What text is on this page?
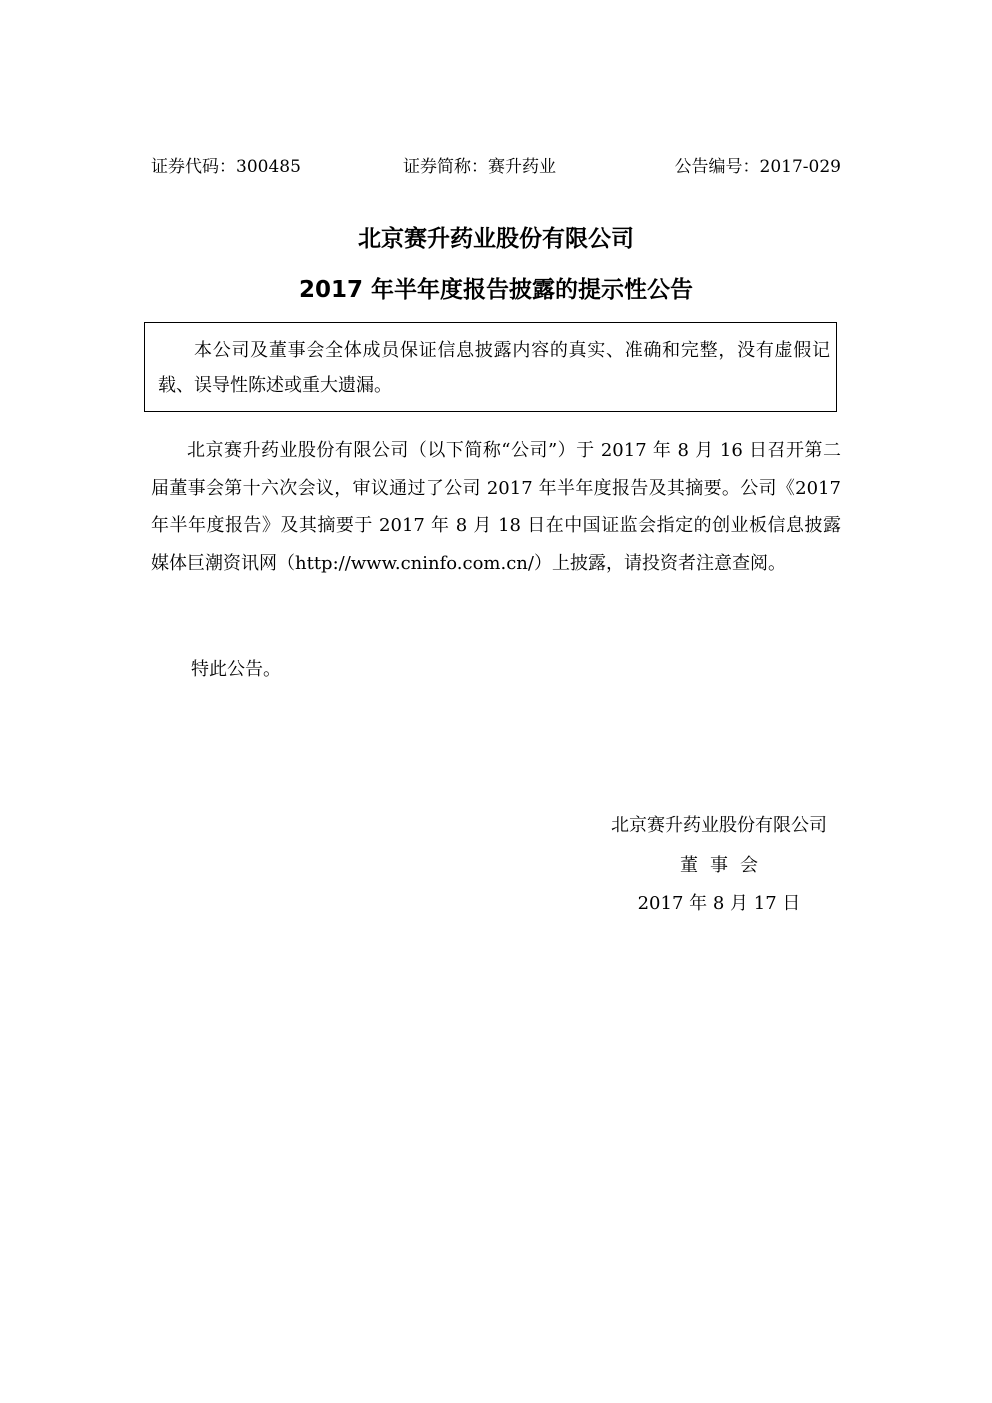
证券代码：300485	证券简称：赛升药业	公告编号：2017-029
北京赛升药业股份有限公司
2017 年半年度报告披露的提示性公告
本公司及董事会全体成员保证信息披露内容的真实、准确和完整，没有虚假记载、误导性陈述或重大遗漏。
北京赛升药业股份有限公司（以下简称“公司”）于 2017 年 8 月 16 日召开第二届董事会第十六次会议，审议通过了公司 2017 年半年度报告及其摘要。公司《2017 年半年度报告》及其摘要于 2017 年 8 月 18 日在中国证监会指定的创业板信息披露媒体巨潮资讯网（http://www.cninfo.com.cn/）上披露，请投资者注意查阅。
特此公告。
北京赛升药业股份有限公司
董事会
2017 年 8 月 17 日
